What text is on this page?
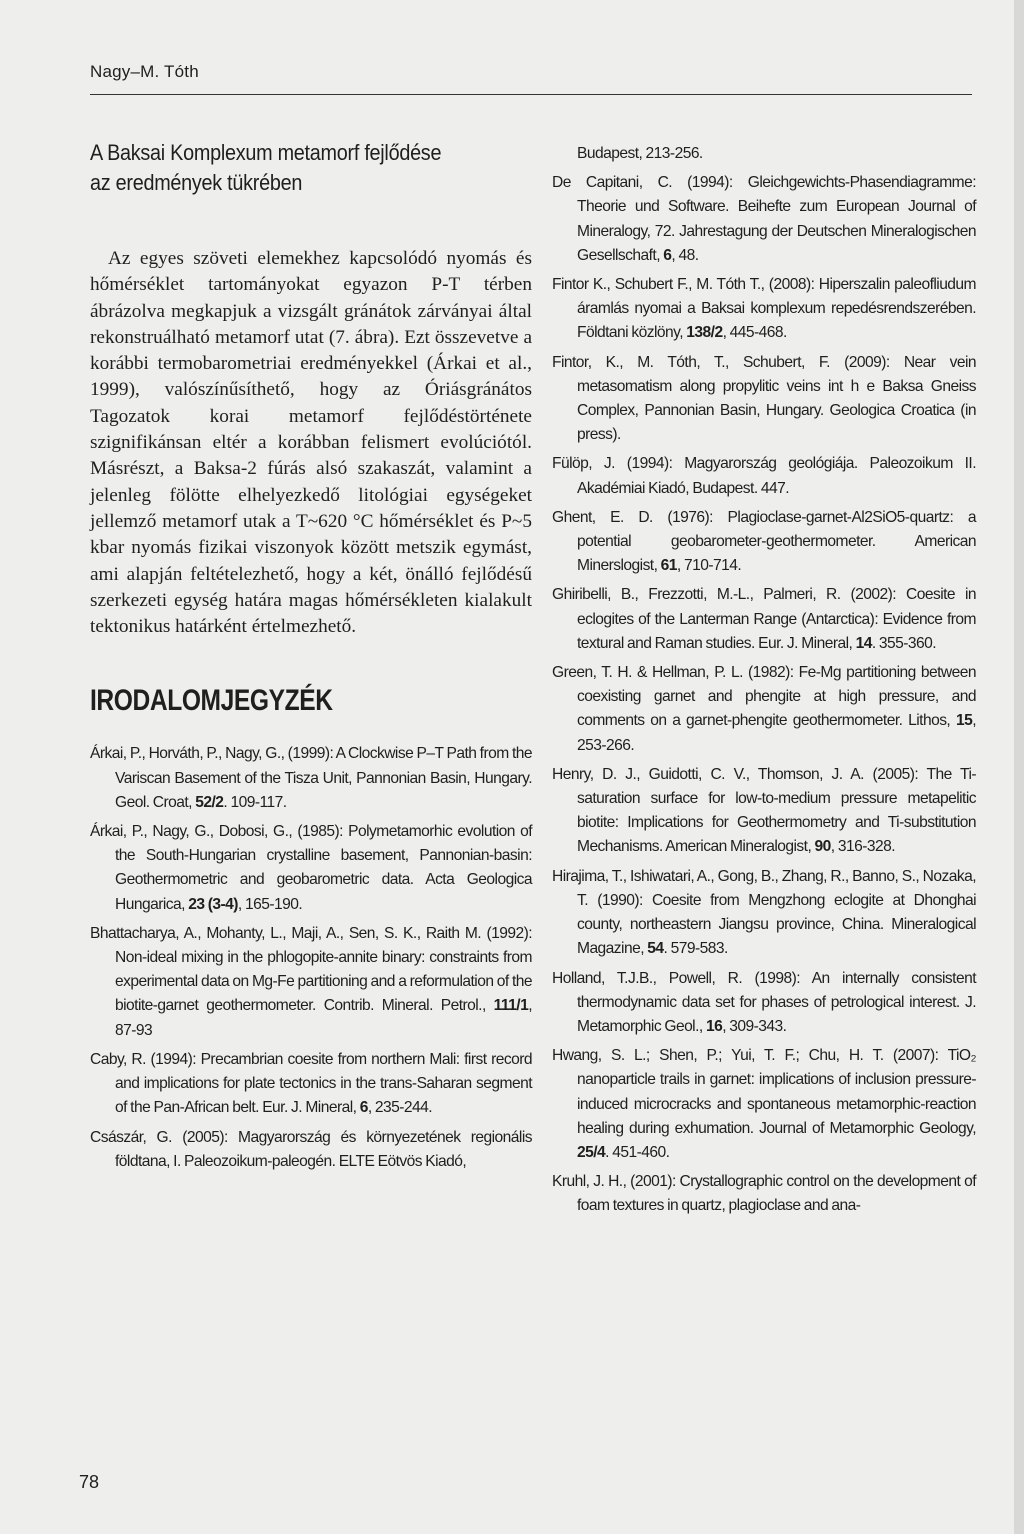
Nagy–M. Tóth
A Baksai Komplexum metamorf fejlődése
az eredmények tükrében

Az egyes szöveti elemekhez kapcsolódó nyomás és hőmérséklet tartományokat egyazon P-T térben ábrázolva megkapjuk a vizsgált gránátok zárványai által rekonstruálható metamorf utat (7. ábra). Ezt összevetve a korábbi termobarometriai eredményekkel (Árkai et al., 1999), valószínűsíthető, hogy az Óriásgránátos Tagozatok korai metamorf fejlődéstörténete szignifikánsan eltér a korábban felismert evolúciótól. Másrészt, a Baksa-2 fúrás alsó szakaszát, valamint a jelenleg fölötte elhelyezkedő litológiai egységeket jellemző metamorf utak a T~620 °C hőmérséklet és P~5 kbar nyomás fizikai viszonyok között metszik egymást, ami alapján feltételezhető, hogy a két, önálló fejlődésű szerkezeti egység határa magas hőmérsékleten kialakult tektonikus határként értelmezhető.

IRODALOMJEGYZÉK
Árkai, P., Horváth, P., Nagy, G., (1999): A Clockwise P–T Path from the Variscan Basement of the Tisza Unit, Pannonian Basin, Hungary. Geol. Croat, 52/2. 109-117.
Árkai, P., Nagy, G., Dobosi, G., (1985): Polymetamorhic evolution of the South-Hungarian crystalline basement, Pannonian-basin: Geothermometric and geobarometric data. Acta Geologica Hungarica, 23 (3-4), 165-190.
Bhattacharya, A., Mohanty, L., Maji, A., Sen, S. K., Raith M. (1992): Non-ideal mixing in the phlogopite-annite binary: constraints from experimental data on Mg-Fe partitioning and a reformulation of the biotite-garnet geothermometer. Contrib. Mineral. Petrol., 111/1, 87-93
Caby, R. (1994): Precambrian coesite from northern Mali: first record and implications for plate tectonics in the trans-Saharan segment of the Pan-African belt. Eur. J. Mineral, 6, 235-244.
Császár, G. (2005): Magyarország és környezetének regionális földtana, I. Paleozoikum-paleogén. ELTE Eötvös Kiadó,
Budapest, 213-256.
De Capitani, C. (1994): Gleichgewichts-Phasendiagramme: Theorie und Software. Beihefte zum European Journal of Mineralogy, 72. Jahrestagung der Deutschen Mineralogischen Gesellschaft, 6, 48.
Fintor K., Schubert F., M. Tóth T., (2008): Hiperszalin paleofliudum áramlás nyomai a Baksai komplexum repedésrendszerében. Földtani közlöny, 138/2, 445-468.
Fintor, K., M. Tóth, T., Schubert, F. (2009): Near vein metasomatism along propylitic veins int h e Baksa Gneiss Complex, Pannonian Basin, Hungary. Geologica Croatica (in press).
Fülöp, J. (1994): Magyarország geológiája. Paleozoikum II. Akadémiai Kiadó, Budapest. 447.
Ghent, E. D. (1976): Plagioclase-garnet-Al2SiO5-quartz: a potential geobarometer-geothermometer. American Minerslogist, 61, 710-714.
Ghiribelli, B., Frezzotti, M.-L., Palmeri, R. (2002): Coesite in eclogites of the Lanterman Range (Antarctica): Evidence from textural and Raman studies. Eur. J. Mineral, 14. 355-360.
Green, T. H. & Hellman, P. L. (1982): Fe-Mg partitioning between coexisting garnet and phengite at high pressure, and comments on a garnet-phengite geothermometer. Lithos, 15, 253-266.
Henry, D. J., Guidotti, C. V., Thomson, J. A. (2005): The Ti-saturation surface for low-to-medium pressure metapelitic biotite: Implications for Geothermometry and Ti-substitution Mechanisms. American Mineralogist, 90, 316-328.
Hirajima, T., Ishiwatari, A., Gong, B., Zhang, R., Banno, S., Nozaka, T. (1990): Coesite from Mengzhong eclogite at Dhonghai county, northeastern Jiangsu province, China. Mineralogical Magazine, 54. 579-583.
Holland, T.J.B., Powell, R. (1998): An internally consistent thermodynamic data set for phases of petrological interest. J. Metamorphic Geol., 16, 309-343.
Hwang, S. L.; Shen, P.; Yui, T. F.; Chu, H. T. (2007): TiO₂ nanoparticle trails in garnet: implications of inclusion pressure-induced microcracks and spontaneous metamorphic-reaction healing during exhumation. Journal of Metamorphic Geology, 25/4. 451-460.
Kruhl, J. H., (2001): Crystallographic control on the development of foam textures in quartz, plagioclase and ana-
78
